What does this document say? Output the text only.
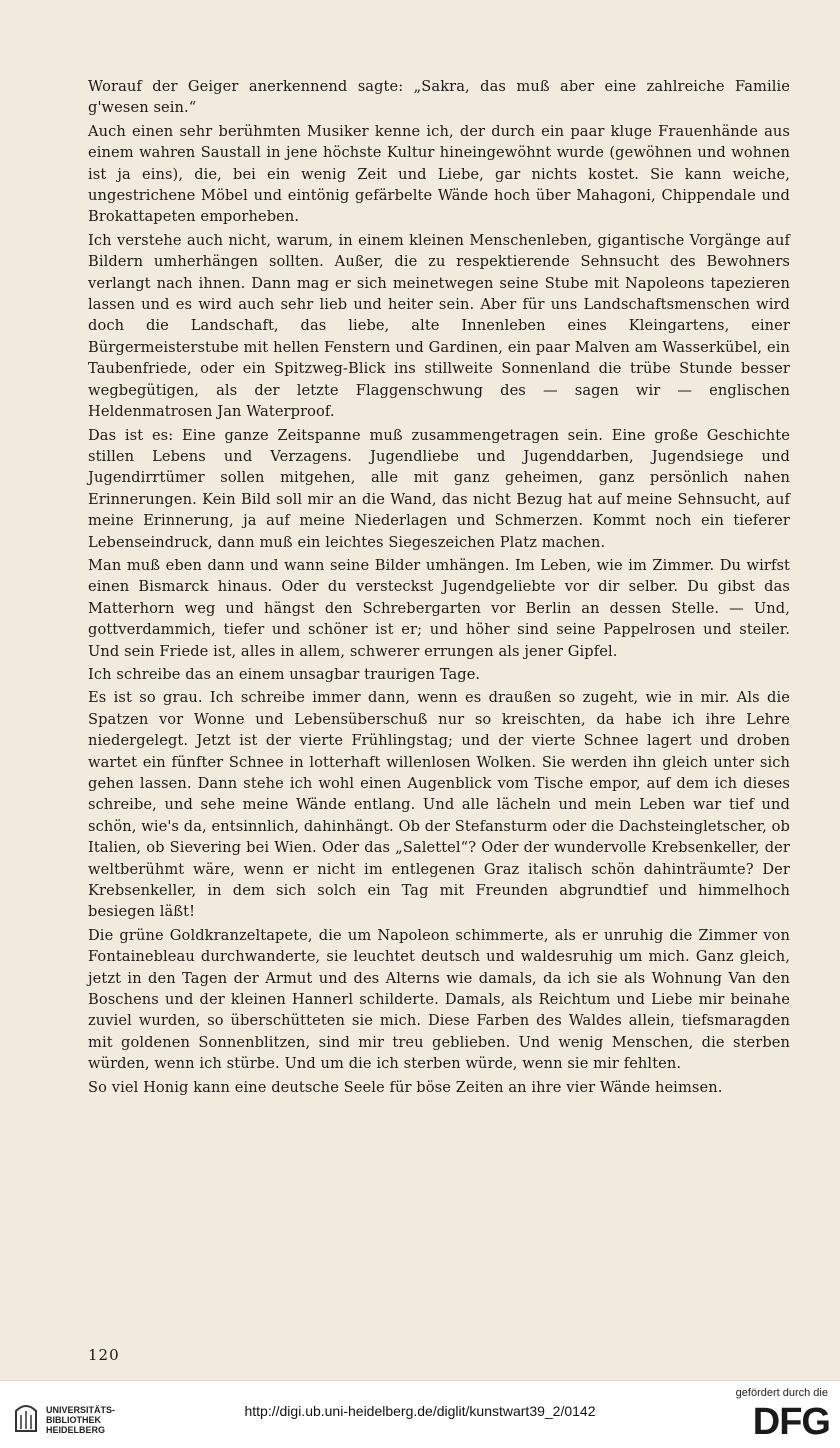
Worauf der Geiger anerkennend sagte: „Sakra, das muß aber eine zahlreiche Familie g'wesen sein.“

Auch einen sehr berühmten Musiker kenne ich, der durch ein paar kluge Frauenhände aus einem wahren Saustall in jene höchste Kultur hineingewöhnt wurde (gewöhnen und wohnen ist ja eins), die, bei ein wenig Zeit und Liebe, gar nichts kostet. Sie kann weiche, ungestrichene Möbel und eintönig gefärbelte Wände hoch über Mahagoni, Chippendale und Brokattapeten emporheben.

Ich verstehe auch nicht, warum, in einem kleinen Menschenleben, gigantische Vorgänge auf Bildern umherhängen sollten. Außer, die zu respektierende Sehnsucht des Bewohners verlangt nach ihnen. Dann mag er sich meinetwegen seine Stube mit Napoleons tapezieren lassen und es wird auch sehr lieb und heiter sein. Aber für uns Landschaftsmenschen wird doch die Landschaft, das liebe, alte Innenleben eines Kleingartens, einer Bürgermeisterstube mit hellen Fenstern und Gardinen, ein paar Malven am Wasserkübel, ein Taubenfriede, oder ein Spitzweg-Blick ins stillweite Sonnenland die trübe Stunde besser wegbegütigen, als der letzte Flaggenschwung des — sagen wir — englischen Heldenmatrosen Jan Waterproof.

Das ist es: Eine ganze Zeitspanne muß zusammengetragen sein. Eine große Geschichte stillen Lebens und Verzagens. Jugendliebe und Jugenddarben, Jugendsiege und Jugendirrtümer sollen mitgehen, alle mit ganz geheimen, ganz persönlich nahen Erinnerungen. Kein Bild soll mir an die Wand, das nicht Bezug hat auf meine Sehnsucht, auf meine Erinnerung, ja auf meine Niederlagen und Schmerzen. Kommt noch ein tieferer Lebenseindruck, dann muß ein leichtes Siegeszeichen Platz machen.

Man muß eben dann und wann seine Bilder umhängen. Im Leben, wie im Zimmer. Du wirfst einen Bismarck hinaus. Oder du versteckst Jugendgeliebte vor dir selber. Du gibst das Matterhorn weg und hängst den Schrebergarten vor Berlin an dessen Stelle. — Und, gottverdammich, tiefer und schöner ist er; und höher sind seine Pappelrosen und steiler. Und sein Friede ist, alles in allem, schwerer errungen als jener Gipfel.

Ich schreibe das an einem unsagbar traurigen Tage.

Es ist so grau. Ich schreibe immer dann, wenn es draußen so zugeht, wie in mir. Als die Spatzen vor Wonne und Lebensüberschuß nur so kreischten, da habe ich ihre Lehre niedergelegt. Jetzt ist der vierte Frühlingstag; und der vierte Schnee lagert und droben wartet ein fünfter Schnee in lotterhaft willenlosen Wolken. Sie werden ihn gleich unter sich gehen lassen. Dann stehe ich wohl einen Augenblick vom Tische empor, auf dem ich dieses schreibe, und sehe meine Wände entlang. Und alle lächeln und mein Leben war tief und schön, wie's da, entsinnlich, dahinhängt. Ob der Stefansturm oder die Dachsteingletscher, ob Italien, ob Sievering bei Wien. Oder das „Salettel“? Oder der wundervolle Krebsenkeller, der weltberühmt wäre, wenn er nicht im entlegenen Graz italisch schön dahinträumte? Der Krebsenkeller, in dem sich solch ein Tag mit Freunden abgrundtief und himmelhoch besiegen läßt!

Die grüne Goldkranzeltapete, die um Napoleon schimmerte, als er unruhig die Zimmer von Fontainebleau durchwanderte, sie leuchtet deutsch und waldesruhig um mich. Ganz gleich, jetzt in den Tagen der Armut und des Alterns wie damals, da ich sie als Wohnung Van den Boschens und der kleinen Hannerl schilderte. Damals, als Reichtum und Liebe mir beinahe zuviel wurden, so überschütteten sie mich. Diese Farben des Waldes allein, tiefsmaragden mit goldenen Sonnenblitzen, sind mir treu geblieben. Und wenig Menschen, die sterben würden, wenn ich stürbe. Und um die ich sterben würde, wenn sie mir fehlten.

So viel Honig kann eine deutsche Seele für böse Zeiten an ihre vier Wände heimsen.

120
UNIVERSITÄTS-
BIBLIOTHEK
HEIDELBERG
http://digi.ub.uni-heidelberg.de/diglit/kunstwart39_2/0142
gefördert durch die
DFG
